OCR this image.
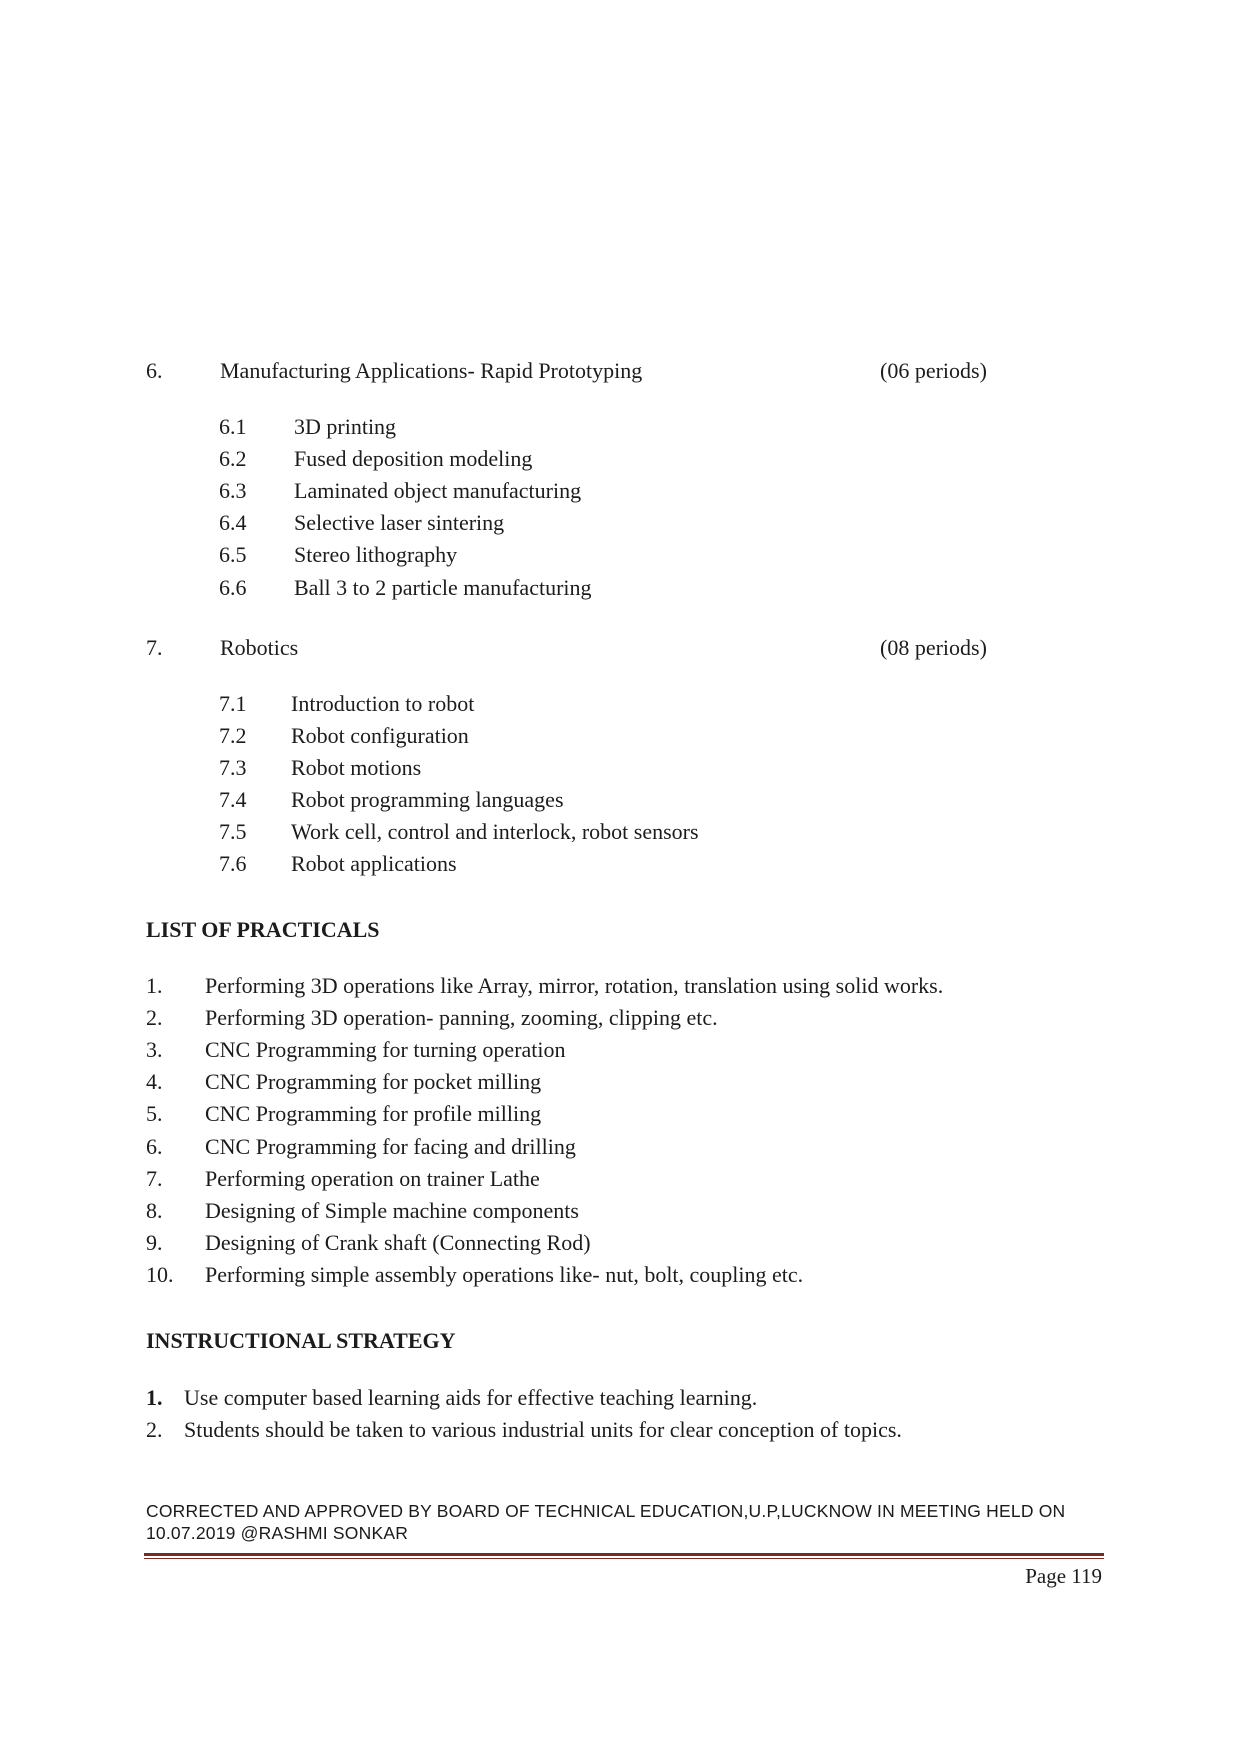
6.	Manufacturing Applications- Rapid Prototyping	(06 periods)
6.1 3D printing
6.2 Fused deposition modeling
6.3 Laminated object manufacturing
6.4 Selective laser sintering
6.5 Stereo lithography
6.6 Ball 3 to 2 particle manufacturing
7.	Robotics	(08 periods)
7.1 Introduction to robot
7.2 Robot configuration
7.3 Robot motions
7.4 Robot programming languages
7.5 Work cell, control and interlock, robot sensors
7.6 Robot applications
LIST OF PRACTICALS
1. Performing 3D operations like Array, mirror, rotation, translation using solid works.
2. Performing 3D operation- panning, zooming, clipping etc.
3. CNC Programming for turning operation
4. CNC Programming for pocket milling
5. CNC Programming for profile milling
6. CNC Programming for facing and drilling
7. Performing operation on trainer Lathe
8. Designing of Simple machine components
9. Designing of Crank shaft (Connecting Rod)
10. Performing simple assembly operations like- nut, bolt, coupling etc.
INSTRUCTIONAL STRATEGY
1. Use computer based learning aids for effective teaching learning.
2. Students should be taken to various industrial units for clear conception of topics.
CORRECTED AND APPROVED BY BOARD OF TECHNICAL EDUCATION,U.P,LUCKNOW IN MEETING HELD ON
10.07.2019 @RASHMI SONKAR
Page 119
